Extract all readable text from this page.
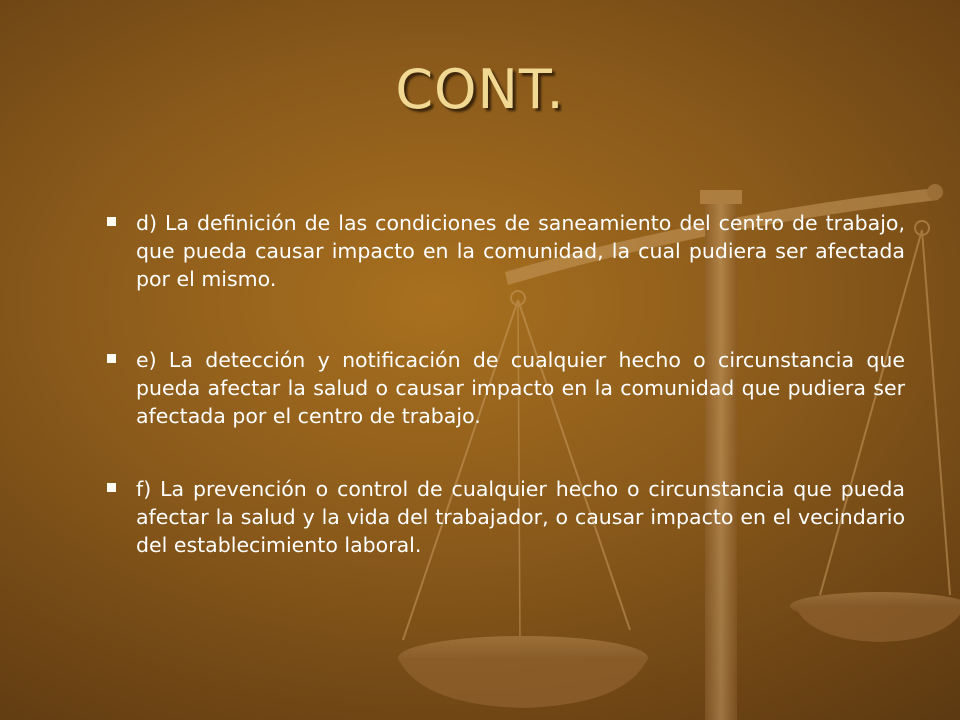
CONT.
d) La definición de las condiciones de saneamiento del centro de trabajo, que pueda causar impacto en la comunidad, la cual pudiera ser afectada por el mismo.
e) La detección y notificación de cualquier hecho o circunstancia que pueda afectar la salud o causar impacto en la comunidad que pudiera ser afectada por el centro de trabajo.
f) La prevención o control de cualquier hecho o circunstancia que pueda afectar la salud y la vida del trabajador, o causar impacto en el vecindario del establecimiento laboral.
